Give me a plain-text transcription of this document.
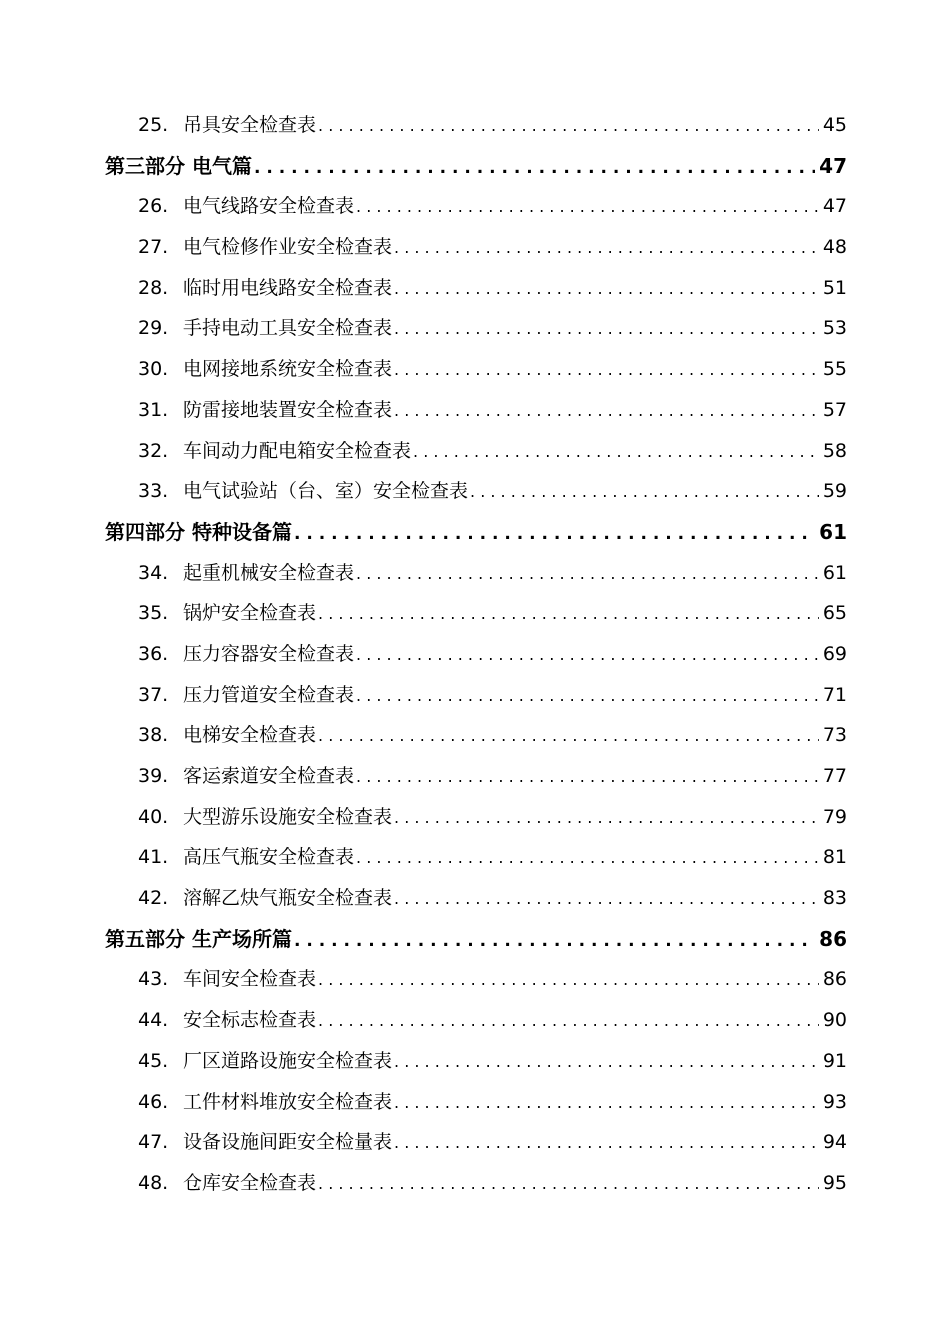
25. 吊具安全检查表 . . .	45
第三部分 电气篇 . . .	47
26. 电气线路安全检查表 . . .	47
27. 电气检修作业安全检查表 . . .	48
28. 临时用电线路安全检查表 . . .	51
29. 手持电动工具安全检查表 . . .	53
30. 电网接地系统安全检查表 . . .	55
31. 防雷接地装置安全检查表 . . .	57
32. 车间动力配电箱安全检查表 . . .	58
33. 电气试验站（台、室）安全检查表 . . .	59
第四部分 特种设备篇 . . .	61
34. 起重机械安全检查表 . . .	61
35. 锅炉安全检查表 . . .	65
36. 压力容器安全检查表 . . .	69
37. 压力管道安全检查表 . . .	71
38. 电梯安全检查表 . . .	73
39. 客运索道安全检查表 . . .	77
40. 大型游乐设施安全检查表 . . .	79
41. 高压气瓶安全检查表 . . .	81
42. 溶解乙炔气瓶安全检查表 . . .	83
第五部分 生产场所篇 . . .	86
43. 车间安全检查表 . . .	86
44. 安全标志检查表 . . .	90
45. 厂区道路设施安全检查表 . . .	91
46. 工件材料堆放安全检查表 . . .	93
47. 设备设施间距安全检量表 . . .	94
48. 仓库安全检查表 . . .	95
